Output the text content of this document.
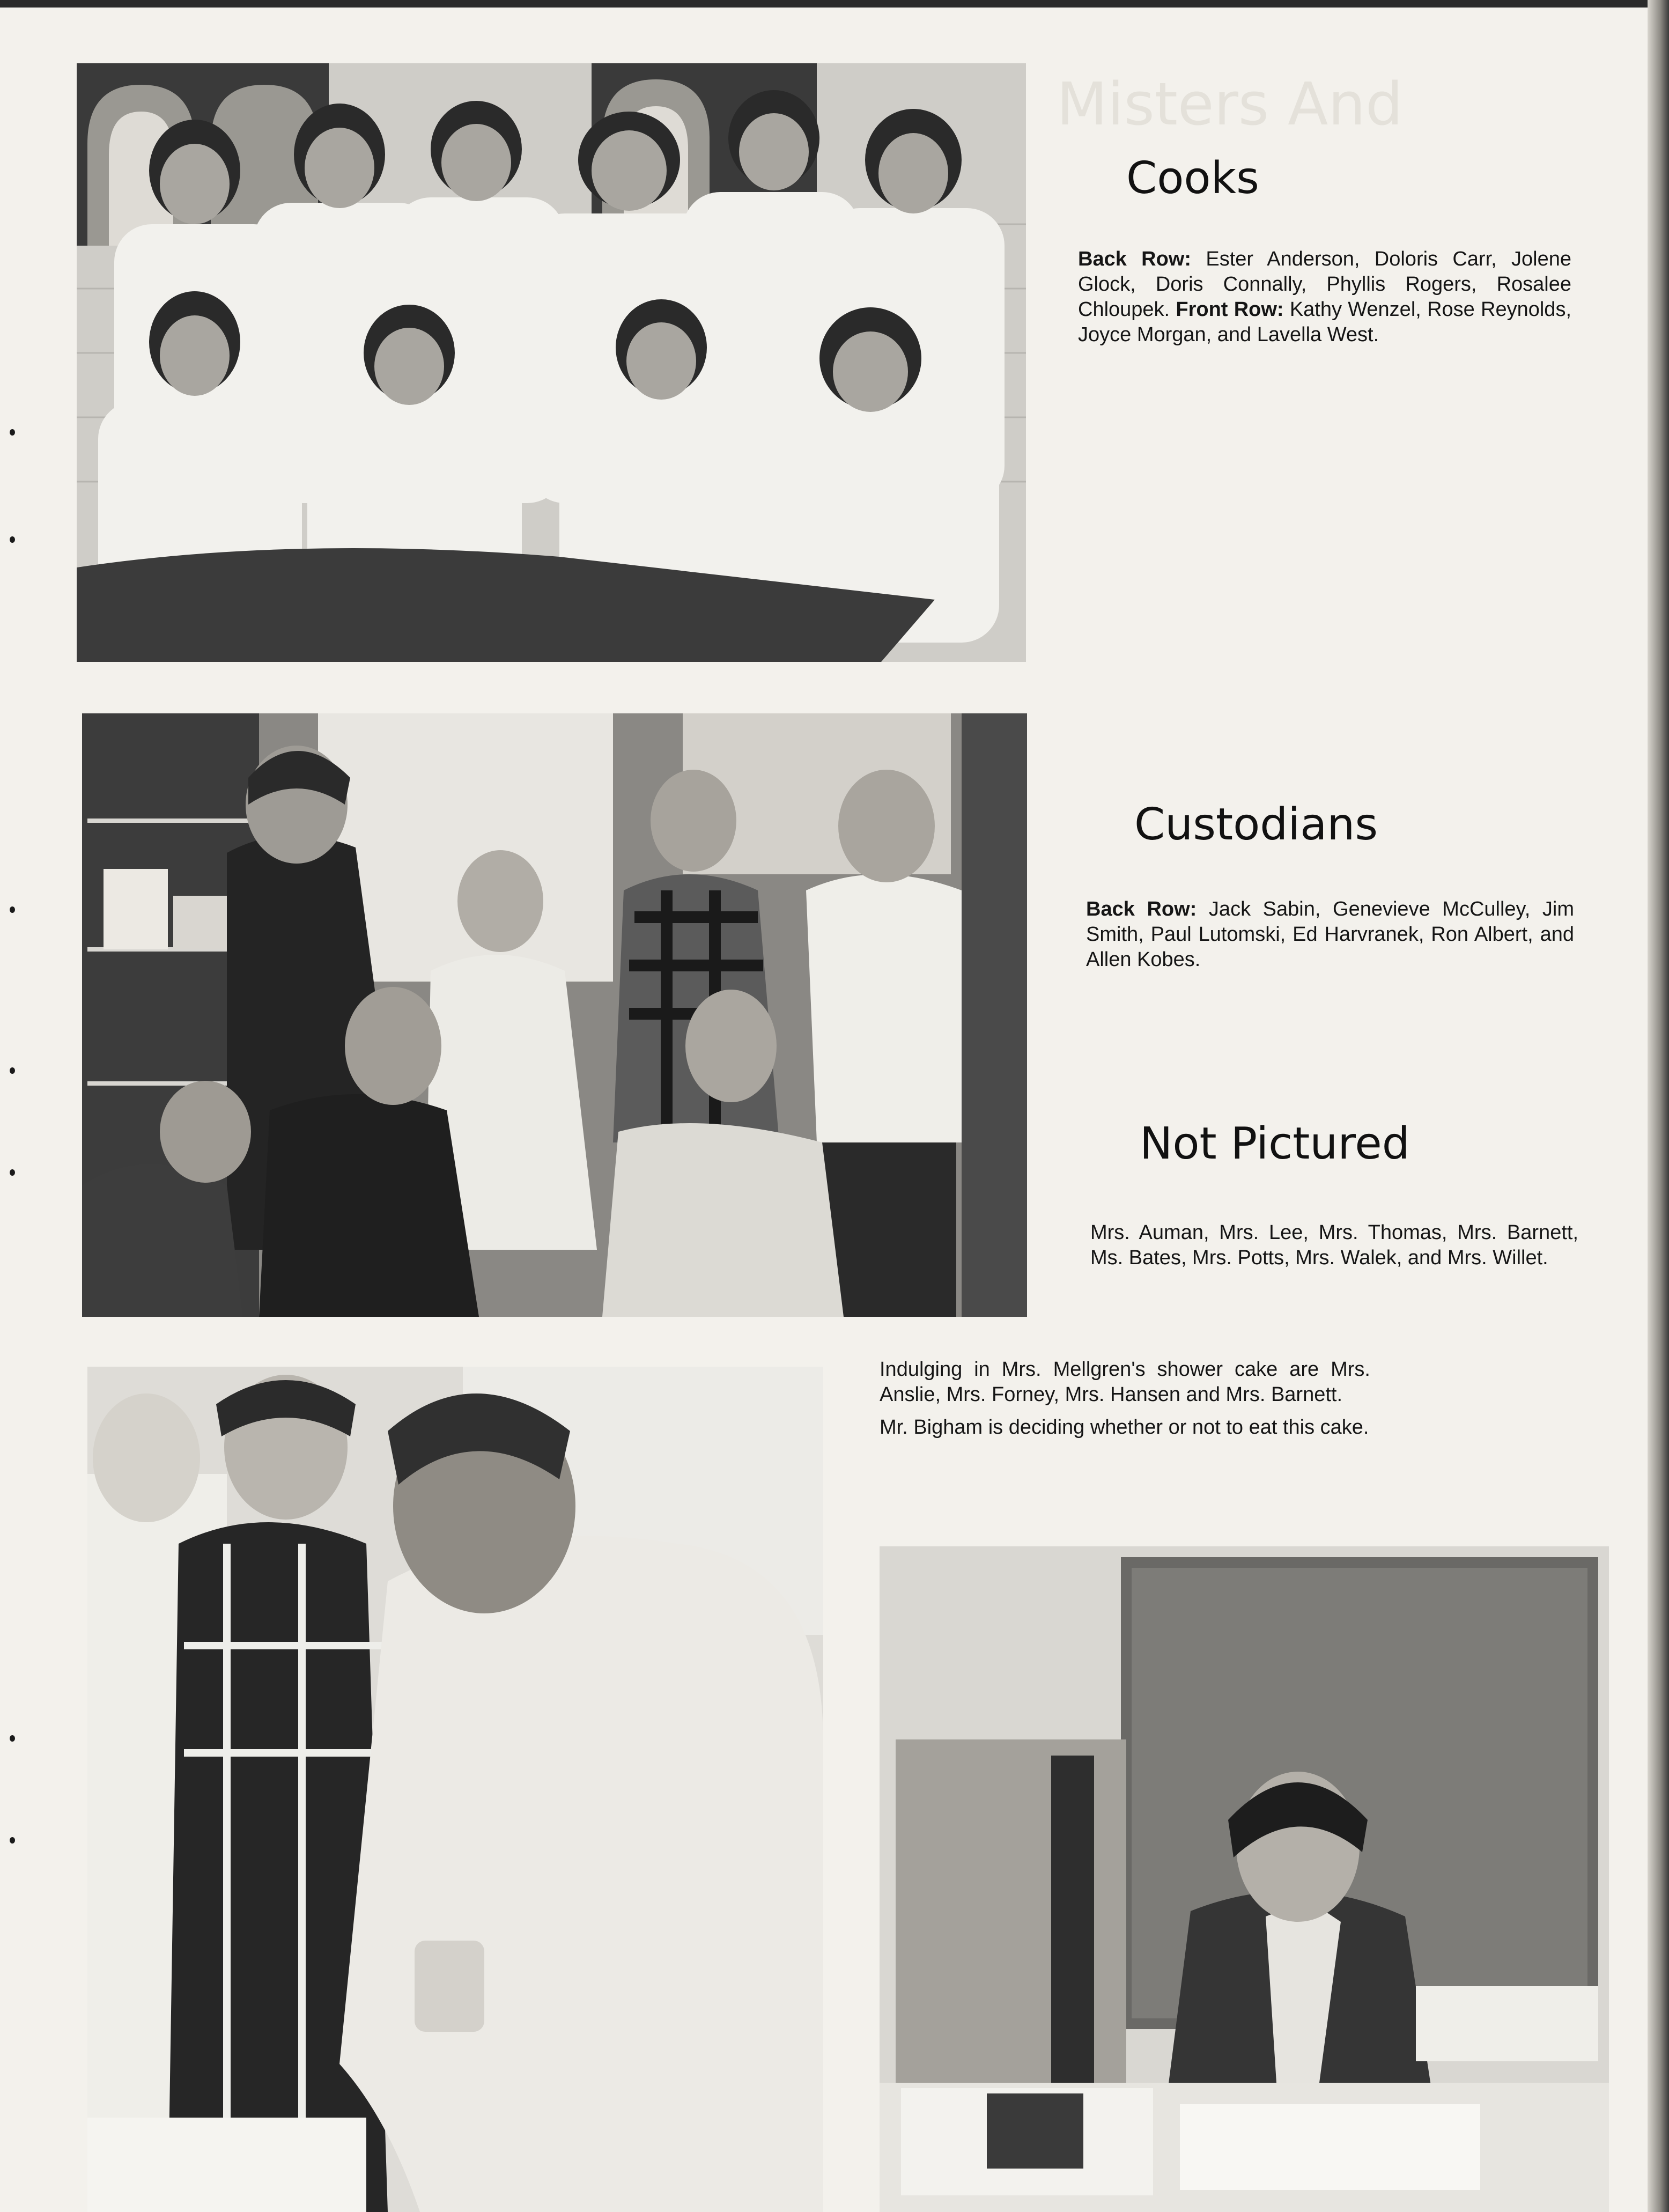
Misters And
Cooks
Back Row: Ester Anderson, Doloris Carr, Jolene Glock, Doris Connally, Phyllis Rogers, Rosalee Chloupek. Front Row: Kathy Wenzel, Rose Reynolds, Joyce Morgan, and Lavella West.
Custodians
Back Row: Jack Sabin, Genevieve McCulley, Jim Smith, Paul Lutomski, Ed Harvranek, Ron Albert, and Allen Kobes.
Not Pictured
Mrs. Auman, Mrs. Lee, Mrs. Thomas, Mrs. Barnett, Ms. Bates, Mrs. Potts, Mrs. Walek, and Mrs. Willet.

Indulging in Mrs. Mellgren's shower cake are Mrs. Anslie, Mrs. Forney, Mrs. Hansen and Mrs. Barnett.

Mr. Bigham is deciding whether or not to eat this cake.
